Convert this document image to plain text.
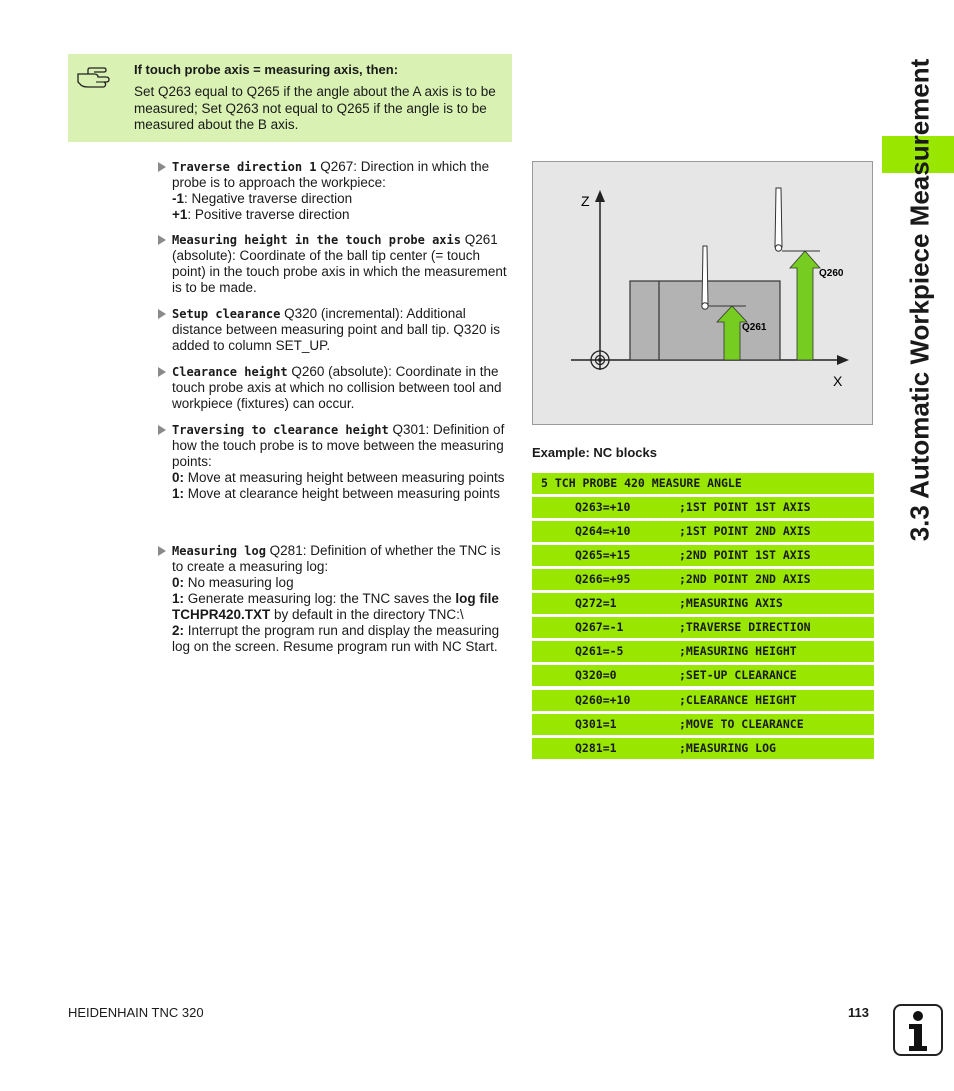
If touch probe axis = measuring axis, then:
Set Q263 equal to Q265 if the angle about the A axis is to be measured; Set Q263 not equal to Q265 if the angle is to be measured about the B axis.
Traverse direction 1 Q267: Direction in which the probe is to approach the workpiece:
-1: Negative traverse direction
+1: Positive traverse direction
Measuring height in the touch probe axis Q261 (absolute): Coordinate of the ball tip center (= touch point) in the touch probe axis in which the measurement is to be made.
Setup clearance Q320 (incremental): Additional distance between measuring point and ball tip. Q320 is added to column SET_UP.
Clearance height Q260 (absolute): Coordinate in the touch probe axis at which no collision between tool and workpiece (fixtures) can occur.
Traversing to clearance height Q301: Definition of how the touch probe is to move between the measuring points:
0: Move at measuring height between measuring points
1: Move at clearance height between measuring points
Measuring log Q281: Definition of whether the TNC is to create a measuring log:
0: No measuring log
1: Generate measuring log: the TNC saves the log file TCHPR420.TXT by default in the directory TNC:\
2: Interrupt the program run and display the measuring log on the screen. Resume program run with NC Start.
Z
X
Q260
Q261
Example: NC blocks
5 TCH PROBE 420 MEASURE ANGLE
Q263=+10	;1ST POINT 1ST AXIS
Q264=+10	;1ST POINT 2ND AXIS
Q265=+15	;2ND POINT 1ST AXIS
Q266=+95	;2ND POINT 2ND AXIS
Q272=1	;MEASURING AXIS
Q267=-1	;TRAVERSE DIRECTION
Q261=-5	;MEASURING HEIGHT
Q320=0	;SET-UP CLEARANCE
Q260=+10	;CLEARANCE HEIGHT
Q301=1	;MOVE TO CLEARANCE
Q281=1	;MEASURING LOG
3.3 Automatic Workpiece Measurement
HEIDENHAIN TNC 320	113
